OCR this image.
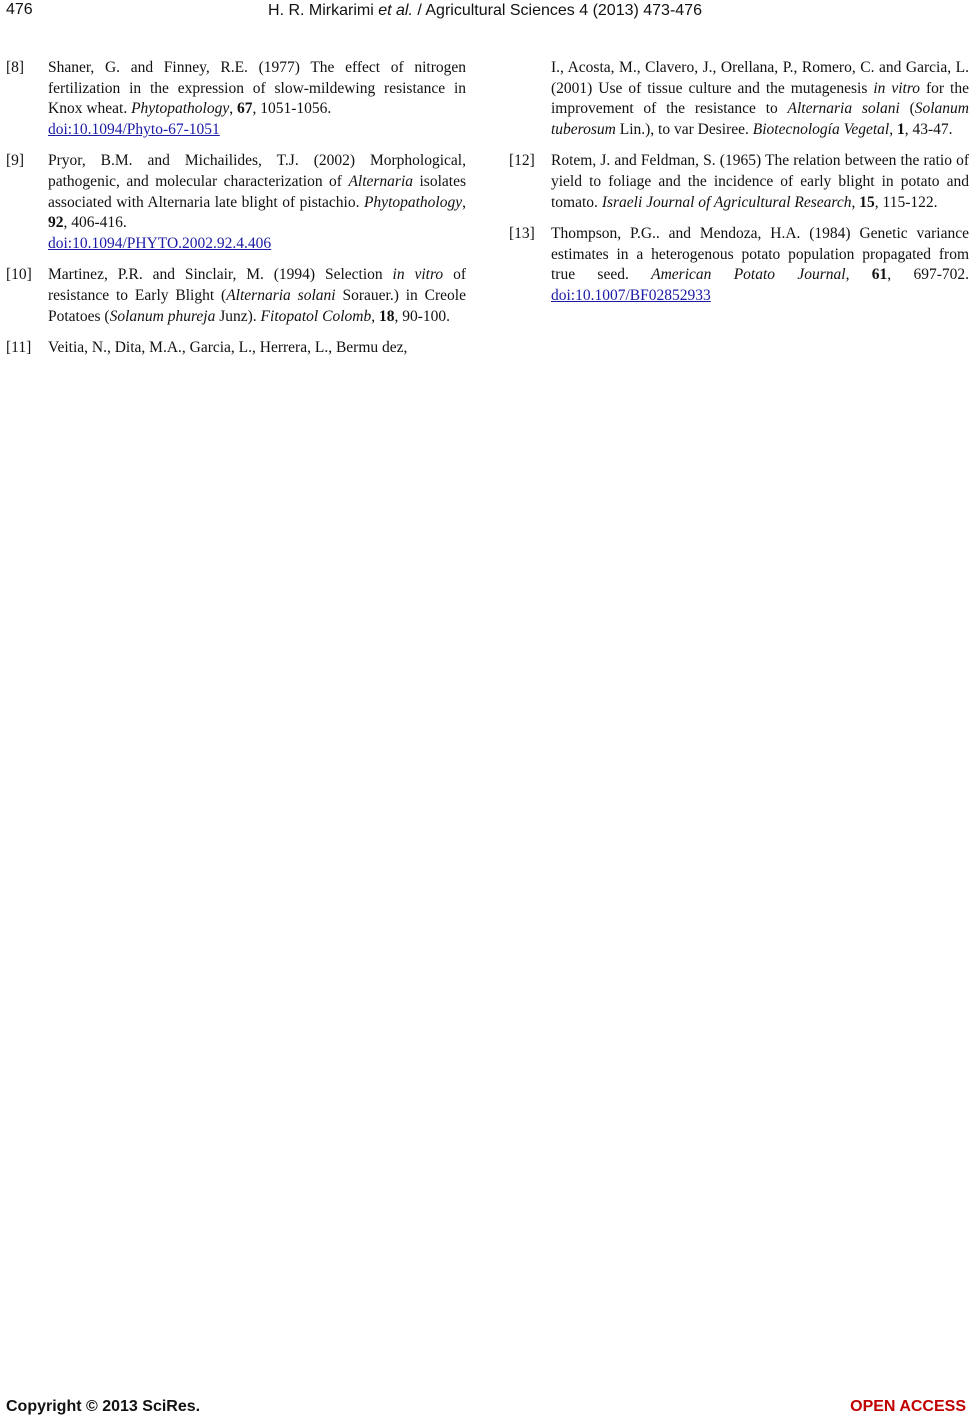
476	H. R. Mirkarimi et al. / Agricultural Sciences 4 (2013) 473-476
[8] Shaner, G. and Finney, R.E. (1977) The effect of nitrogen fertilization in the expression of slow-mildewing resistance in Knox wheat. Phytopathology, 67, 1051-1056.
doi:10.1094/Phyto-67-1051
[9] Pryor, B.M. and Michailides, T.J. (2002) Morphological, pathogenic, and molecular characterization of Alternaria isolates associated with Alternaria late blight of pistachio. Phytopathology, 92, 406-416.
doi:10.1094/PHYTO.2002.92.4.406
[10] Martinez, P.R. and Sinclair, M. (1994) Selection in vitro of resistance to Early Blight (Alternaria solani Sorauer.) in Creole Potatoes (Solanum phureja Junz). Fitopatol Colomb, 18, 90-100.
[11] Veitia, N., Dita, M.A., Garcia, L., Herrera, L., Bermu dez,
I., Acosta, M., Clavero, J., Orellana, P., Romero, C. and Garcia, L. (2001) Use of tissue culture and the mutagenesis in vitro for the improvement of the resistance to Alternaria solani (Solanum tuberosum Lin.), to var Desiree. Biotecnología Vegetal, 1, 43-47.
[12] Rotem, J. and Feldman, S. (1965) The relation between the ratio of yield to foliage and the incidence of early blight in potato and tomato. Israeli Journal of Agricultural Research, 15, 115-122.
[13] Thompson, P.G.. and Mendoza, H.A. (1984) Genetic variance estimates in a heterogenous potato population propagated from true seed. American Potato Journal, 61, 697-702. doi:10.1007/BF02852933
Copyright © 2013 SciRes.	OPEN ACCESS
